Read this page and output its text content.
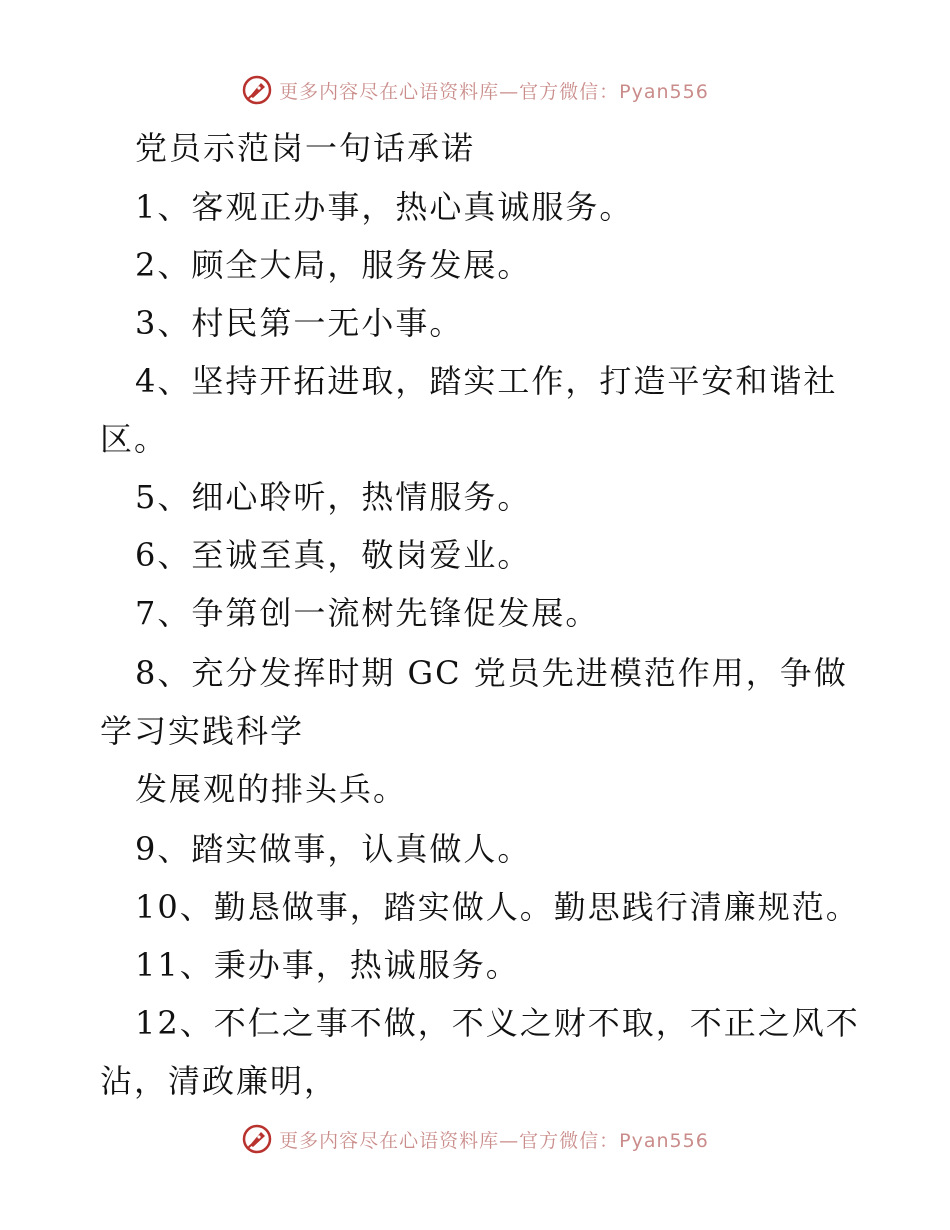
更多内容尽在心语资料库—官方微信：Pyan556
党员示范岗一句话承诺
1、客观正办事，热心真诚服务。
2、顾全大局，服务发展。
3、村民第一无小事。
4、坚持开拓进取，踏实工作，打造平安和谐社
区。
5、细心聆听，热情服务。
6、至诚至真，敬岗爱业。
7、争第创一流树先锋促发展。
8、充分发挥时期 GC 党员先进模范作用，争做
学习实践科学
发展观的排头兵。
9、踏实做事，认真做人。
10、勤恳做事，踏实做人。勤思践行清廉规范。
11、秉办事，热诚服务。
12、不仁之事不做，不义之财不取，不正之风不
沾，清政廉明，
更多内容尽在心语资料库—官方微信：Pyan556
